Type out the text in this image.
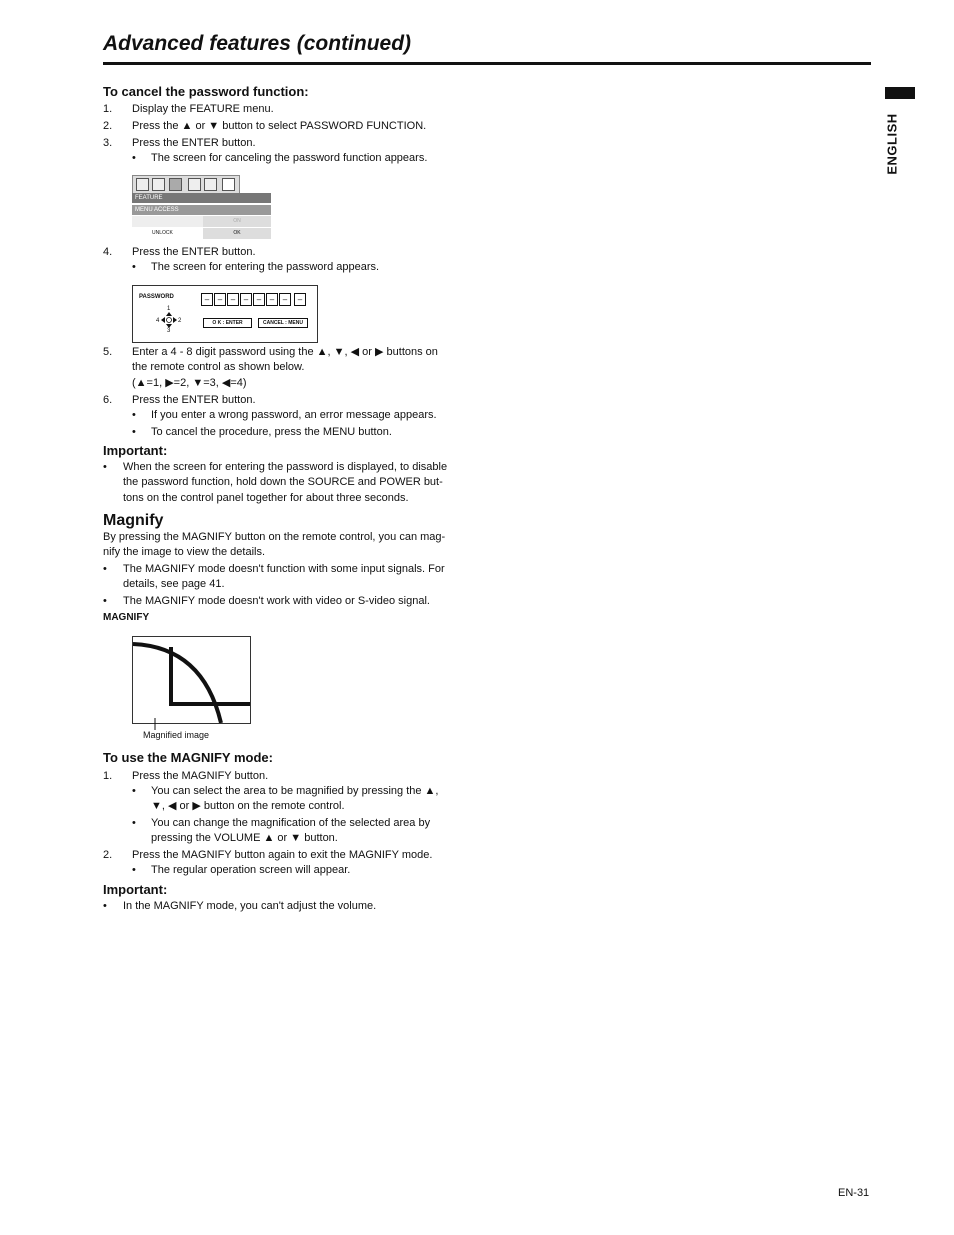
Advanced features (continued)
ENGLISH
To cancel the password function:
1. Display the FEATURE menu.
2. Press the ▲ or ▼ button to select PASSWORD FUNCTION.
3. Press the ENTER button.
• The screen for canceling the password function appears.
FEATURE
MENU ACCESS
ON
UNLOCK	OK
4. Press the ENTER button.
• The screen for entering the password appears.
PASSWORD	–	–	–	–	–	–	–	–
1
4	2
3
O K : ENTER	CANCEL : MENU
5. Enter a 4 - 8 digit password using the ▲, ▼, ◀ or ▶ buttons on
the remote control as shown below.
(▲=1, ▶=2, ▼=3, ◀=4)
6. Press the ENTER button.
• If you enter a wrong password, an error message appears.
• To cancel the procedure, press the MENU button.
Important:
• When the screen for entering the password is displayed, to disable
the password function, hold down the SOURCE and POWER but-
tons on the control panel together for about three seconds.
Magnify
By pressing the MAGNIFY button on the remote control, you can mag-
nify the image to view the details.
• The MAGNIFY mode doesn't function with some input signals. For
details, see page 41.
• The MAGNIFY mode doesn't work with video or S-video signal.
MAGNIFY
Magnified image
To use the MAGNIFY mode:
1. Press the MAGNIFY button.
• You can select the area to be magnified by pressing the ▲,
▼, ◀ or ▶ button on the remote control.
• You can change the magnification of the selected area by
pressing the VOLUME ▲ or ▼ button.
2. Press the MAGNIFY button again to exit the MAGNIFY mode.
• The regular operation screen will appear.
Important:
• In the MAGNIFY mode, you can't adjust the volume.
EN-31
